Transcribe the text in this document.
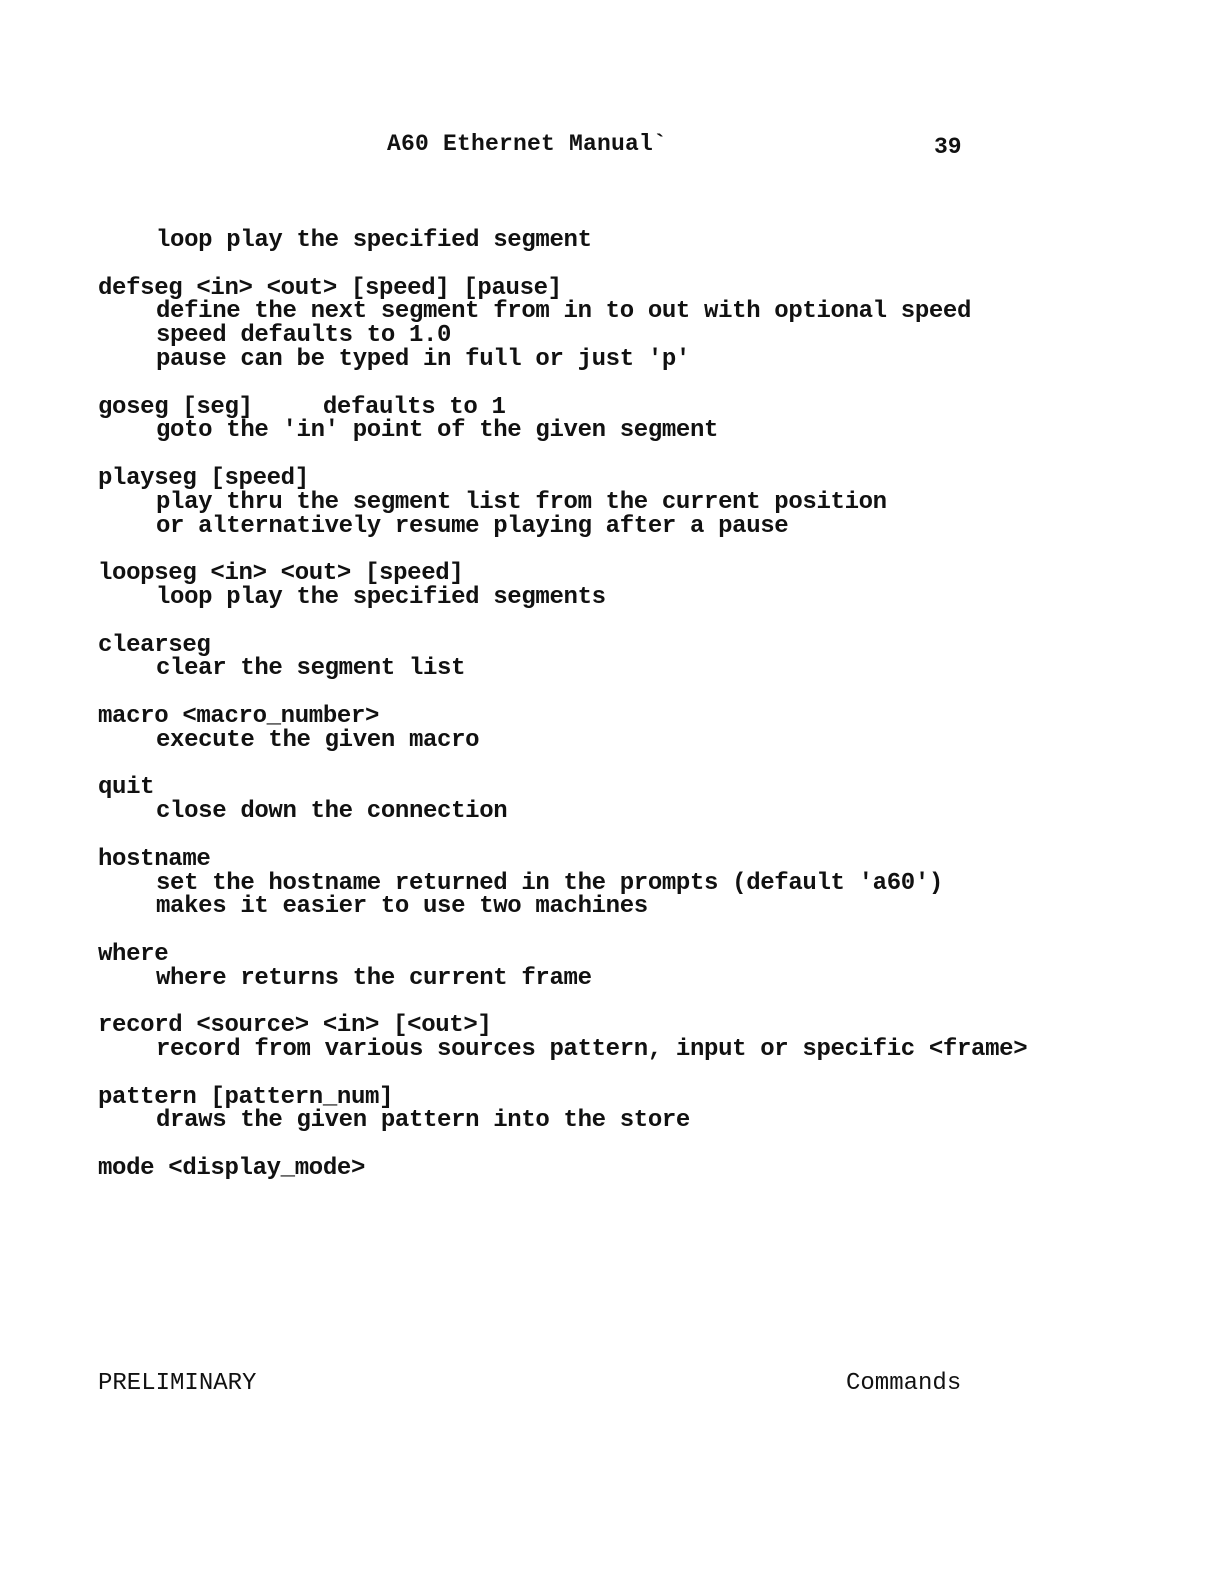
A60 Ethernet Manual`	39
loop play the specified segment
defseg <in> <out> [speed] [pause]
define the next segment from in to out with optional speed
speed defaults to 1.0
pause can be typed in full or just 'p'
goseg [seg]     defaults to 1
goto the 'in' point of the given segment
playseg [speed]
play thru the segment list from the current position
or alternatively resume playing after a pause
loopseg <in> <out> [speed]
loop play the specified segments
clearseg
clear the segment list
macro <macro_number>
execute the given macro
quit
close down the connection
hostname
set the hostname returned in the prompts (default 'a60')
makes it easier to use two machines
where
where returns the current frame
record <source> <in> [<out>]
record from various sources pattern, input or specific <frame>
pattern [pattern_num]
draws the given pattern into the store
mode <display_mode>
PRELIMINARY	Commands
